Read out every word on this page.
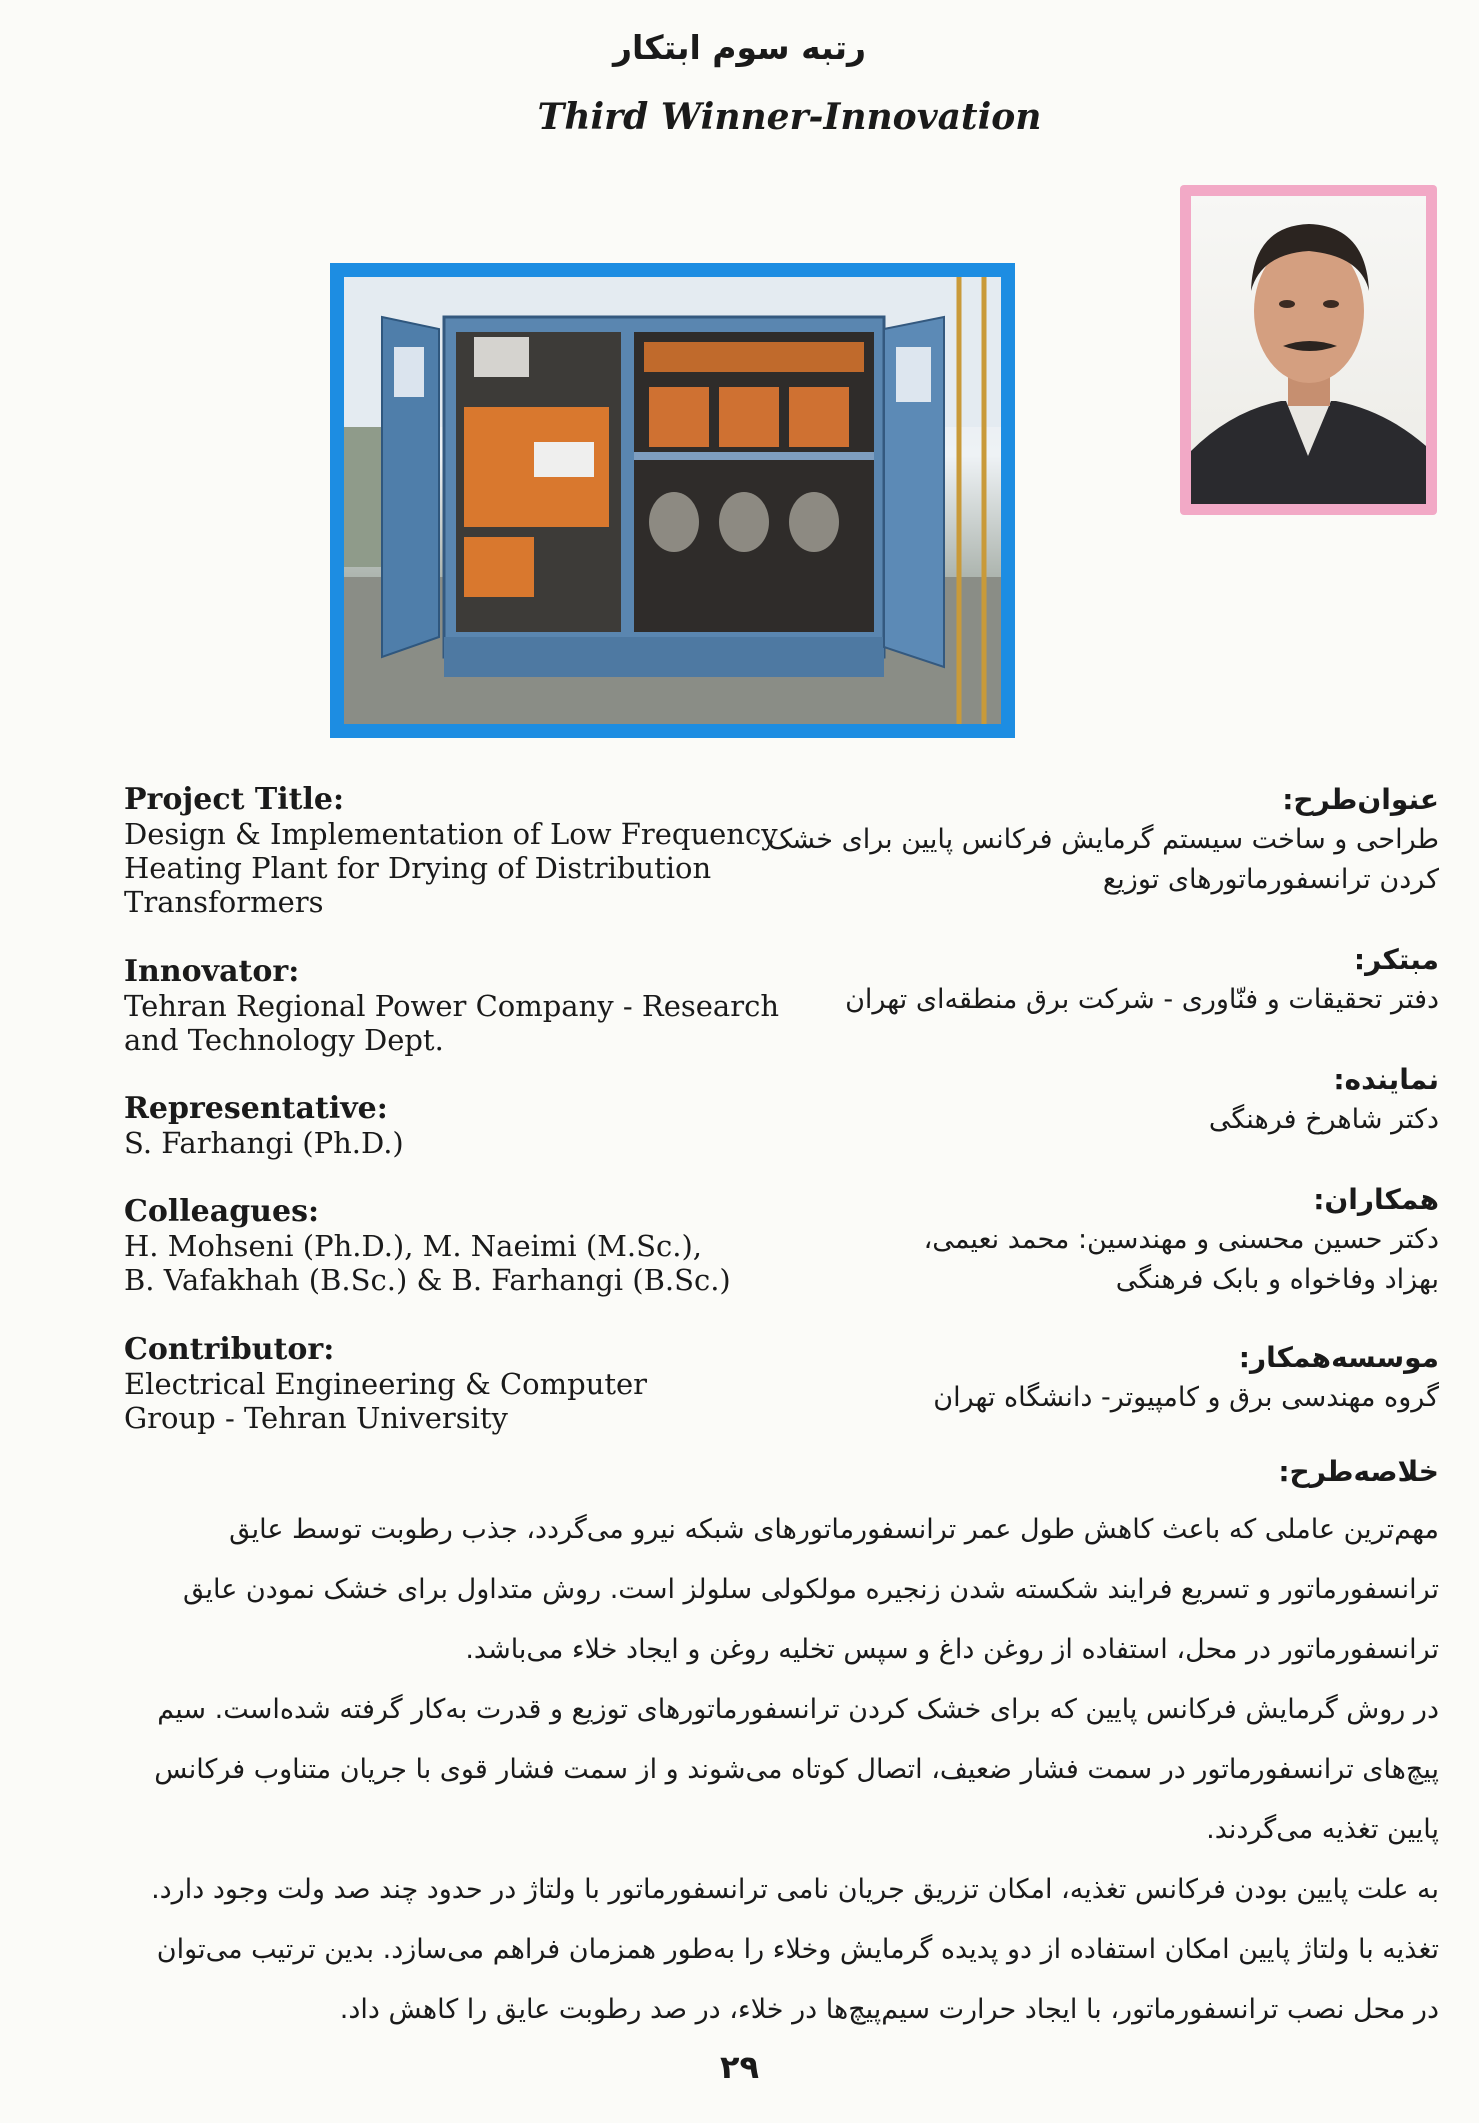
رتبه سوم ابتکار
Third Winner-Innovation
Project Title:
Design & Implementation of Low Frequency
Heating Plant for Drying of Distribution
Transformers
Innovator:
Tehran Regional Power Company - Research
and Technology Dept.
Representative:
S. Farhangi (Ph.D.)
Colleagues:
H. Mohseni (Ph.D.), M. Naeimi (M.Sc.),
B. Vafakhah (B.Sc.) & B. Farhangi (B.Sc.)
Contributor:
Electrical Engineering & Computer
Group - Tehran University
عنوان‌طرح:
طراحی و ساخت سیستم گرمایش فرکانس پایین برای خشک
کردن ترانسفورماتورهای توزیع
مبتکر:
دفتر تحقیقات و فنّاوری - شرکت برق منطقه‌ای تهران
نماینده:
دکتر شاهرخ فرهنگی
همکاران:
دکتر حسین محسنی و مهندسین: محمد نعیمی،
بهزاد وفاخواه و بابک فرهنگی
موسسه‌همکار:
گروه مهندسی برق و کامپیوتر- دانشگاه تهران
خلاصه‌طرح:

مهم‌ترین عاملی که باعث کاهش طول عمر ترانسفورماتورهای شبکه نیرو می‌گردد، جذب رطوبت توسط عایق ترانسفورماتور و تسریع فرایند شکسته شدن زنجیره مولکولی سلولز است. روش متداول برای خشک نمودن عایق ترانسفورماتور در محل، استفاده از روغن داغ و سپس تخلیه روغن و ایجاد خلاء می‌باشد.

در روش گرمایش فرکانس پایین که برای خشک کردن ترانسفورماتورهای توزیع و قدرت به‌کار گرفته شده‌است. سیم پیچ‌های ترانسفورماتور در سمت فشار ضعیف، اتصال کوتاه می‌شوند و از سمت فشار قوی با جریان متناوب فرکانس پایین تغذیه می‌گردند.

به علت پایین بودن فرکانس تغذیه، امکان تزریق جریان نامی ترانسفورماتور با ولتاژ در حدود چند صد ولت وجود دارد. تغذیه با ولتاژ پایین امکان استفاده از دو پدیده گرمایش وخلاء را به‌طور همزمان فراهم می‌سازد. بدین ترتیب می‌توان در محل نصب ترانسفورماتور، با ایجاد حرارت سیم‌پیچ‌ها در خلاء، در صد رطوبت عایق را کاهش داد.

۲۹
